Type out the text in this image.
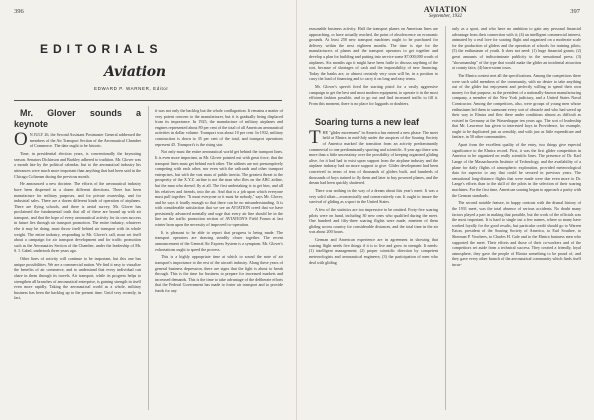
396
EDITORIALS
Aviation
EDWARD P. WARNER, Editor

Mr. Glover sounds a keynote

O N JULY 26, the Second Assistant Postmaster General addressed the members of the Air Transport Section of the Aeronautical Chamber of Commerce. The date ought to be historic.

Time, in presidential election years, is conventionally the keynoting season. Senators Dickinson and Barkley adhered to tradition. Mr. Glover was a month late by the political calendar, but to the aeronautical industry his utterances were much more important than anything that had been said in the Chicago Coliseum during the previous month.

He announced a new doctrine. The efforts of the aeronautical industry have been dispersed in a dozen different directions. There has been manufacture for military purposes, and for private ownership, and for industrial sales. There are a dozen different kinds of operation of airplanes. There are flying schools, and there is aerial survey. Mr. Glover has proclaimed the fundamental truth that all of these are bound up with air transport, and that the hope of every aeronautical activity for its own success in future lies through air transport promotion. The entire industry, whatever else it may be doing, must throw itself behind air transport with its whole weight. The entire industry, responding to Mr. Glover's call, must set itself about a campaign for air transport development and for traffic promotion such as the Aeronautics Section of the Chamber, under the leadership of Mr. S. I. Gabel, undertook three years ago.

Other lines of activity will continue to be important, but this one has unique possibilities. We are a commercial nation. We find it easy to visualize the benefits of air commerce, and to understand that every individual can share in them through its travels. Air transport, while its progress helps to strengthen all branches of aeronautical enterprise, is gaining strength in itself even more rapidly. Taking the aeronautical world as a whole, military business has been the backlog up to the present time. Until very recently, in fact,

it was not only the backlog but the whole conflagration. It remains a matter of very potent concern to the manufacturer, but it is gradually being displaced from its importance. In 1925, the manufacture of military airplanes and engines represented about 80 per cent of the total of all American aeronautical activities in dollar volume. Transport was about 10 per cent. In 1932, military construction is down to 35 per cent of the total, and transport operations represent 45. Transport's is the rising star.

Not only must the entire aeronautical world get behind the transport lines. It is even more important, as Mr. Glover pointed out with great force, that the transport lines must get behind each other. The airlines are not presumptively competing with each other, nor even with the railroads and other transport enterprises, but with the vast mass of public inertia. The greatest threat to the prosperity of the X.Y.Z. airline is not the man who flies on the ABC airline, but the man who doesn't fly at all. The first undertaking is to get him, and all his relatives and friends, into the air. And that is a job upon which everyone must pull together. "It must everyone or it must be nobody," says Mr. Glover, and he says it loudly enough so that there can be no misunderstanding. It is with considerable satisfaction that we see an AVIATION creed that we have persistently advanced mentally and urge that every air line should be in the line on the traffic promotion section of AVIATION'S Field Forum at last winter born upon the necessity of improved co-operation.

It is pleasant to be able to report that progress is being made. The transport operators are drawing steadily closer together. The recent announcement of the General Air Express System is a symptom. Mr. Glover's exhortations ought to speed the process.

This is a highly appropriate time at which to sound the note of air transport's importance to the rest of the aircraft industry. Along these years of general business depression, there are signs that the light is about to break through. This is the time for business to prepare for increased markets and increased demands. This is the time to take advantage of the deliberate efforts that the Federal Government has made to foster air transport and to provide funds for any

AVIATION
September, 1932
397

reasonable business activity. Half the transport planes on American lines are approaching, or have actually reached, the point of obsolescence on economic grounds. At least 250 new transport machines ought to be purchased for delivery within the next eighteen months. The time is ripe for the manufacturers of planes and the transport operators to get together and develop a plan for building and putting into service some $7,000,000 worth of airplanes. Six months ago it might have been futile to discuss anything of the sort, because of shortages of cash and the impossibility of new financing. Today the banks are, or almost certainly very soon will be, in a position to carry the load of financing and to carry it on long and easy terms.

Mr. Glover's speech fired the starting pistol for a vastly aggressive campaign to get the best and most modern equipment, to operate it in the most efficient fashion possible, and to go out and find increased traffic to fill it. From this moment, there is no place for laggards or doubters.

Soaring turns a new leaf

THE "glider movement" in America has entered a new phase. The meet held at Elmira in mid-July under the auspices of the Soaring Society of America marked the transition from an activity predominantly commercial to one predominantly sporting and scientific. A year ago there was more than a little uncertainty over the possibility of keeping organized gliding alive, for it had had to exist upon support from the airplane industry and the airplane industry had no more support to give. Glider development had been conceived in terms of tens of thousands of gliders built, and hundreds of thousands of boys trained to fly them and later to buy powered planes, and the dream had been quickly shattered.

There was nothing in the way of a dream about this year's meet. It was a very solid affair—economically and conservatively run. It ought to insure the survival of gliding as a sport in the United States.

A few of the statistics are too impressive to be omitted. Forty-five soaring pilots were on hand, including 30 new ones who qualified during the meet. One hundred and fifty-three soaring flights were made, nineteen of them gliding across country for considerable distances, and the total time in the air was about 200 hours.

German and American experience are in agreement in showing that soaring flight needs five things if it is to live and grow in strength. It needs: (1) intelligent management; (2) proper scientific direction by competent meteorologists and aeronautical engineers; (3) the participation of men who deal with gliding

only as a sport, and who have no ambition to gain any personal financial advantage from their connection with it; (4) an intelligent commercial interest, animated by a real love for soaring flight and organized on a moderate scale for the production of gliders and the operation of schools for training pilots; (5) the enthusiasm of youth. It does not need: (1) huge financial grants; (2) great amounts of indiscriminate publicity in the sensational press; (3) "showmanship" of the type that would make the glider an incidental attraction at county fairs; (4) barn-storm tours.

The Elmira contest met all the specifications. Among the competitors there were such solid members of the community, with no desire to take anything out of the glider but enjoyment and perfectly willing to spend their own money for that purpose, as the president of a nationally-known manufacturing company, a member of the New York judiciary, and a United States Naval Constructor. Among the competitors, also, were groups of young men whose enthusiasm led them to surmount every sort of obstacle and who had saved up their way to Elmira and flew there under conditions almost as difficult as existed in Germany at the Wasserkuppe ten years ago. The sort of leadership that Mr. Lawrence has given to interested boys in Providence, for example, ought to be duplicated just as sensibly, and with just as little expenditure and fanfare, in 50 other communities.

Apart from the excellent quality of the entry, two things give especial significance to the Elmira record. First, it was the first glider competition in America to be organized on really scientific lines. The presence of Dr. Karl Lange of the Massachusetts Institute of Technology, and the availability of a plane for daily flights of atmospheric exploration, provided meteorological data for superior to any that could be secured in previous years. The sensational long-distance flights that were made were due even more to Dr. Lange's efforts than to the skill of the pilots in the selection of their soaring machines. For the first time, American soaring began to approach a parity with the German standards.

The second notable feature, in happy contrast with the dismal history of the 1931 meet, was the total absence of serious accidents. No doubt many factors played a part in making that possible, but the work of the officials was the most important. It is hard to single out a few names, where so many have worked loyally for the good results, but particular credit should go to Warren Eaton, president of the Soaring Society of America, to Earl Southee, to Sherman P. Voorhees, to Charles H. Gale and to the Elmira business men who supported the meet. Their efforts and those of their co-workers and of the competitors set aside from a technical success. They created a friendly, loyal atmosphere, they gave the people of Elmira something to be proud of, and they gave every other branch of the aeronautical community which finds itself incur-
